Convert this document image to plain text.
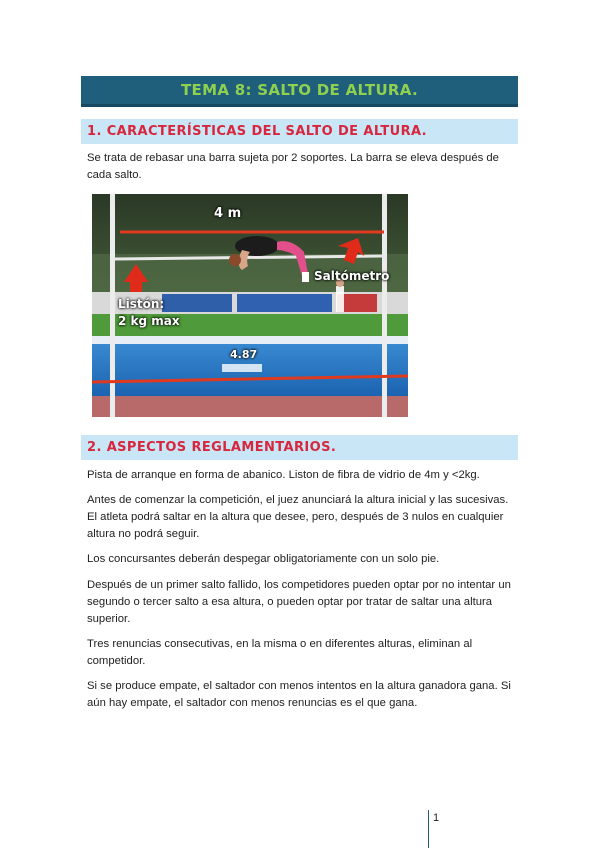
TEMA 8: SALTO DE ALTURA.
1. CARACTERÍSTICAS DEL SALTO DE ALTURA.

Se trata de rebasar una barra sujeta por 2 soportes. La barra se eleva después de cada salto.

4 m
Saltómetro
Listón:
2 kg max
4.87
2. ASPECTOS REGLAMENTARIOS.

Pista de arranque en forma de abanico. Liston de fibra de vidrio de 4m y <2kg.

Antes de comenzar la competición, el juez anunciará la altura inicial y las sucesivas. El atleta podrá saltar en la altura que desee, pero, después de 3 nulos en cualquier altura no podrá seguir.

Los concursantes deberán despegar obligatoriamente con un solo pie.

Después de un primer salto fallido, los competidores pueden optar por no intentar un segundo o tercer salto a esa altura, o pueden optar por tratar de saltar una altura superior.

Tres renuncias consecutivas, en la misma o en diferentes alturas, eliminan al competidor.

Si se produce empate, el saltador con menos intentos en la altura ganadora gana. Si aún hay empate, el saltador con menos renuncias es el que gana.

1
